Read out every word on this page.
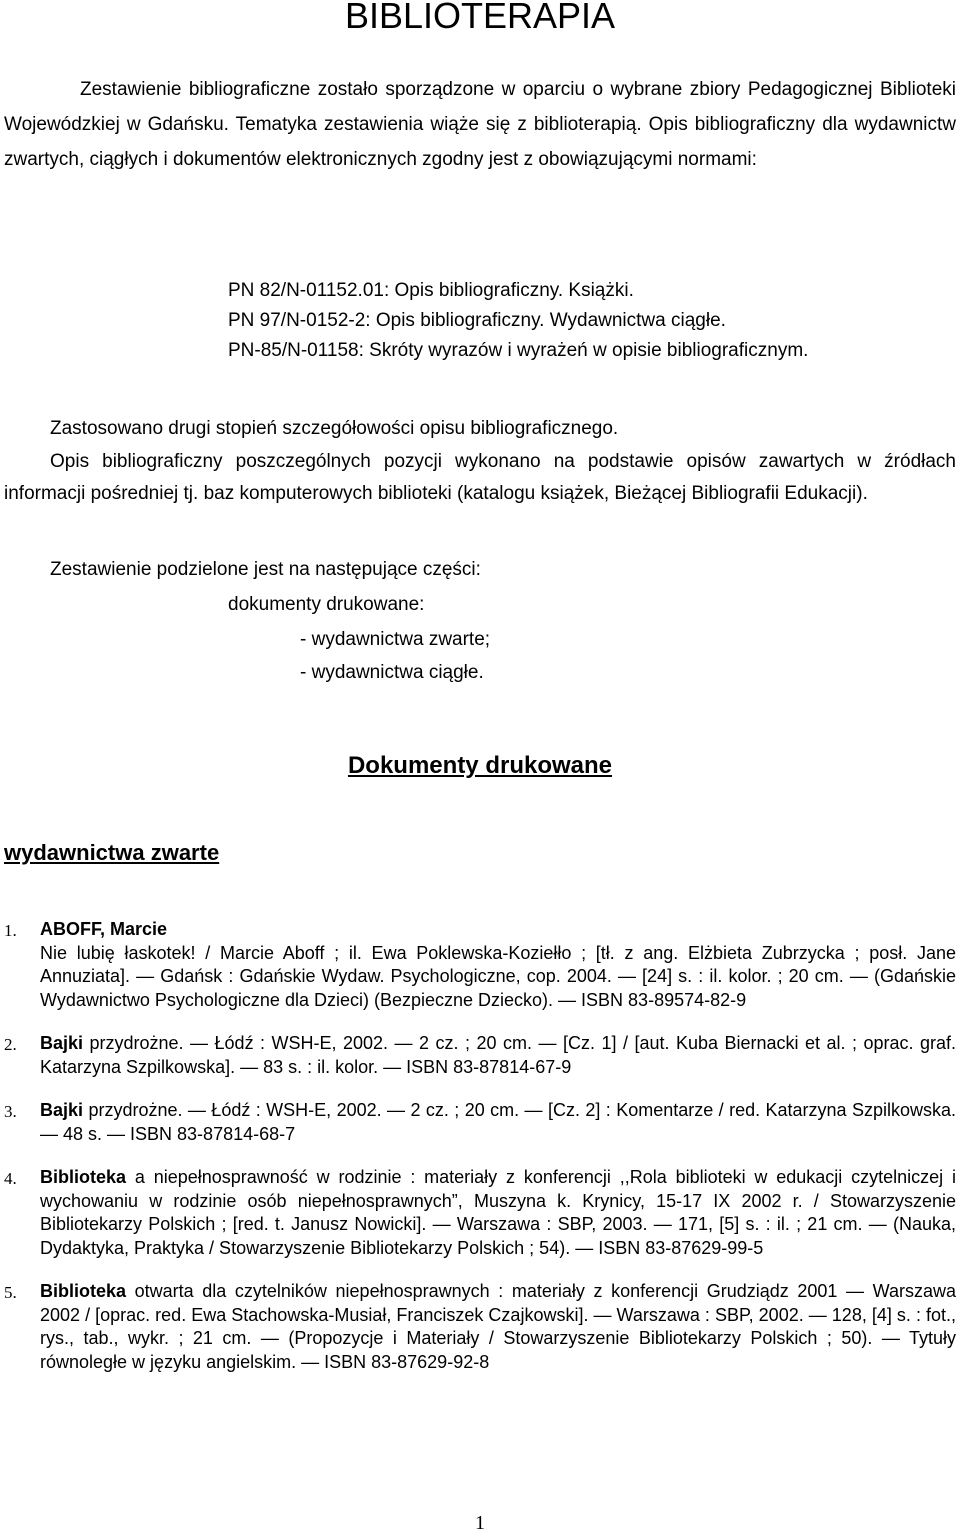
BIBLIOTERAPIA

Zestawienie bibliograficzne zostało sporządzone w oparciu o wybrane zbiory Pedagogicznej Biblioteki Wojewódzkiej w Gdańsku. Tematyka zestawienia wiąże się z biblioterapią. Opis bibliograficzny dla wydawnictw zwartych, ciągłych i dokumentów elektronicznych zgodny jest z obowiązującymi normami:

PN 82/N-01152.01: Opis bibliograficzny. Książki.
PN 97/N-0152-2: Opis bibliograficzny. Wydawnictwa ciągłe.
PN-85/N-01158: Skróty wyrazów i wyrażeń w opisie bibliograficznym.

Zastosowano drugi stopień szczegółowości opisu bibliograficznego.

Opis bibliograficzny poszczególnych pozycji wykonano na podstawie opisów zawartych w źródłach informacji pośredniej tj. baz komputerowych biblioteki (katalogu książek, Bieżącej Bibliografii Edukacji).

Zestawienie podzielone jest na następujące części:

dokumenty drukowane:

- wydawnictwa zwarte;

- wydawnictwa ciągłe.

Dokumenty drukowane
wydawnictwa zwarte
1. ABOFF, Marcie
Nie lubię łaskotek! / Marcie Aboff ; il. Ewa Poklewska-Koziełło ; [tł. z ang. Elżbieta Zubrzycka ; posł. Jane Annuziata]. — Gdańsk : Gdańskie Wydaw. Psychologiczne, cop. 2004. — [24] s. : il. kolor. ; 20 cm. — (Gdańskie Wydawnictwo Psychologiczne dla Dzieci) (Bezpieczne Dziecko). — ISBN 83-89574-82-9
2. Bajki przydrożne. — Łódź : WSH-E, 2002. — 2 cz. ; 20 cm. — [Cz. 1] / [aut. Kuba Biernacki et al. ; oprac. graf. Katarzyna Szpilkowska]. — 83 s. : il. kolor. — ISBN 83-87814-67-9
3. Bajki przydrożne. — Łódź : WSH-E, 2002. — 2 cz. ; 20 cm. — [Cz. 2] : Komentarze / red. Katarzyna Szpilkowska. — 48 s. — ISBN 83-87814-68-7
4. Biblioteka a niepełnosprawność w rodzinie : materiały z konferencji ,,Rola biblioteki w edukacji czytelniczej i wychowaniu w rodzinie osób niepełnosprawnych”, Muszyna k. Krynicy, 15-17 IX 2002 r. / Stowarzyszenie Bibliotekarzy Polskich ; [red. t. Janusz Nowicki]. — Warszawa : SBP, 2003. — 171, [5] s. : il. ; 21 cm. — (Nauka, Dydaktyka, Praktyka / Stowarzyszenie Bibliotekarzy Polskich ; 54). — ISBN 83-87629-99-5
5. Biblioteka otwarta dla czytelników niepełnosprawnych : materiały z konferencji Grudziądz 2001 — Warszawa 2002 / [oprac. red. Ewa Stachowska-Musiał, Franciszek Czajkowski]. — Warszawa : SBP, 2002. — 128, [4] s. : fot., rys., tab., wykr. ; 21 cm. — (Propozycje i Materiały / Stowarzyszenie Bibliotekarzy Polskich ; 50). — Tytuły równoległe w języku angielskim. — ISBN 83-87629-92-8

1
